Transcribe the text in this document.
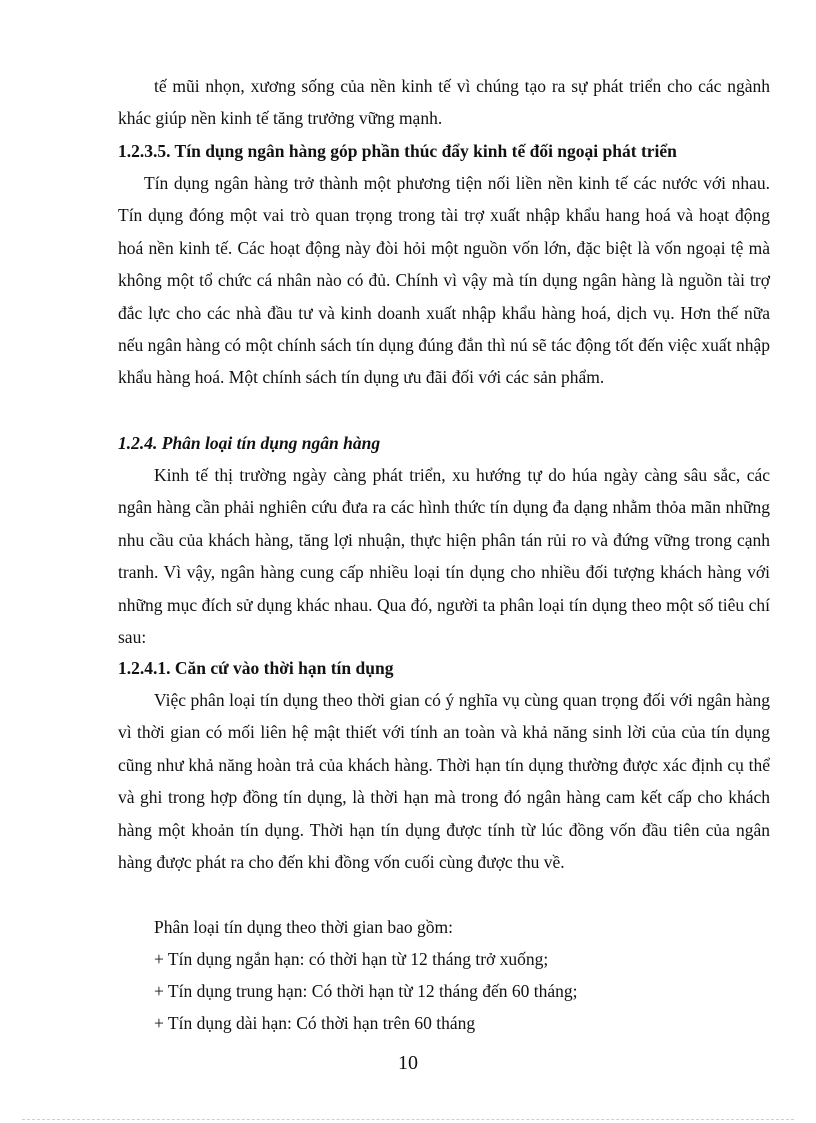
tế mũi nhọn, xương sống của nền kinh tế vì chúng tạo ra sự phát triển cho các ngành khác giúp nền kinh tế tăng trưởng vững mạnh.

1.2.3.5. Tín dụng ngân hàng góp phần thúc đẩy kinh tế đối ngoại phát triển

Tín dụng ngân hàng trở thành một phương tiện nối liền nền kinh tế các nước với nhau. Tín dụng đóng một vai trò quan trọng trong tài trợ xuất nhập khẩu hang hoá và hoạt động hoá nền kinh tế. Các hoạt động này đòi hỏi một nguồn vốn lớn, đặc biệt là vốn ngoại tệ mà không một tổ chức cá nhân nào có đủ. Chính vì vậy mà tín dụng ngân hàng là nguồn tài trợ đắc lực cho các nhà đầu tư và kinh doanh xuất nhập khẩu hàng hoá, dịch vụ. Hơn thế nữa nếu ngân hàng có một chính sách tín dụng đúng đắn thì nú sẽ tác động tốt đến việc xuất nhập khẩu hàng hoá. Một chính sách tín dụng ưu đãi đối với các sản phẩm.

1.2.4. Phân loại tín dụng ngân hàng

Kinh tế thị trường ngày càng phát triển, xu hướng tự do húa ngày càng sâu sắc, các ngân hàng cần phải nghiên cứu đưa ra các hình thức tín dụng đa dạng nhằm thỏa mãn những nhu cầu của khách hàng, tăng lợi nhuận, thực hiện phân tán rủi ro và đứng vững trong cạnh tranh. Vì vậy, ngân hàng cung cấp nhiều loại tín dụng cho nhiều đối tượng khách hàng với những mục đích sử dụng khác nhau. Qua đó, người ta phân loại tín dụng theo một số tiêu chí sau:

1.2.4.1. Căn cứ vào thời hạn tín dụng

Việc phân loại tín dụng theo thời gian có ý nghĩa vụ cùng quan trọng đối với ngân hàng vì thời gian có mối liên hệ mật thiết với tính an toàn và khả năng sinh lời của của tín dụng cũng như khả năng hoàn trả của khách hàng. Thời hạn tín dụng thường được xác định cụ thể và ghi trong hợp đồng tín dụng, là thời hạn mà trong đó ngân hàng cam kết cấp cho khách hàng một khoản tín dụng. Thời hạn tín dụng được tính từ lúc đồng vốn đầu tiên của ngân hàng được phát ra cho đến khi đồng vốn cuối cùng được thu về.

Phân loại tín dụng theo thời gian bao gồm:

+ Tín dụng ngắn hạn: có thời hạn từ 12 tháng trở xuống;

+ Tín dụng trung hạn: Có thời hạn từ 12 tháng đến 60 tháng;

+ Tín dụng dài hạn: Có thời hạn trên 60 tháng

10
